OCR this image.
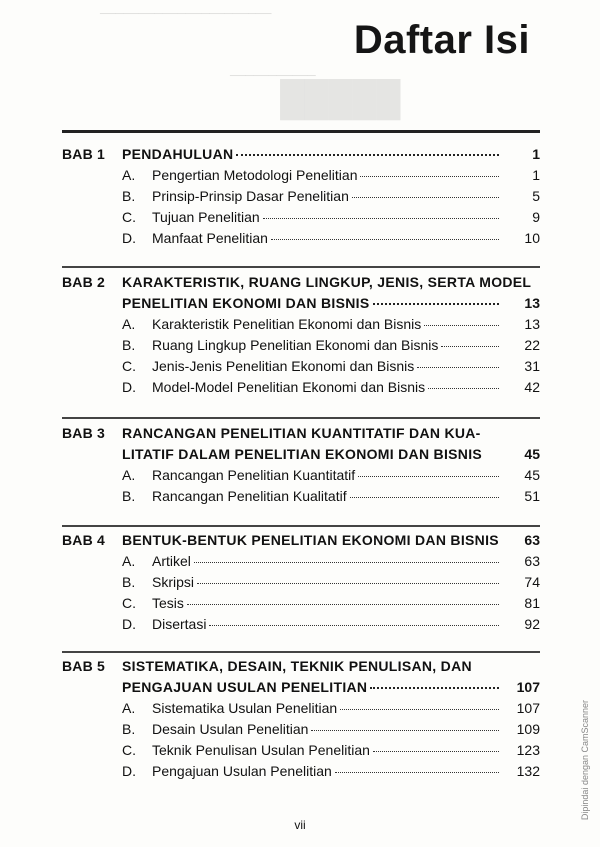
█████
──────────────────────
───────────
Daftar Isi
BAB 1	PENDAHULUAN	1
A.	Pengertian Metodologi Penelitian	1
B.	Prinsip-Prinsip Dasar Penelitian	5
C.	Tujuan Penelitian	9
D.	Manfaat Penelitian	10
BAB 2	KARAKTERISTIK, RUANG LINGKUP, JENIS, SERTA MODEL
PENELITIAN EKONOMI DAN BISNIS	13
A.	Karakteristik Penelitian Ekonomi dan Bisnis	13
B.	Ruang Lingkup Penelitian Ekonomi dan Bisnis	22
C.	Jenis-Jenis Penelitian Ekonomi dan Bisnis	31
D.	Model-Model Penelitian Ekonomi dan Bisnis	42
BAB 3	RANCANGAN PENELITIAN KUANTITATIF DAN KUA-
LITATIF DALAM PENELITIAN EKONOMI DAN BISNIS	45
A.	Rancangan Penelitian Kuantitatif	45
B.	Rancangan Penelitian Kualitatif	51
BAB 4	BENTUK-BENTUK PENELITIAN EKONOMI DAN BISNIS	63
A.	Artikel	63
B.	Skripsi	74
C.	Tesis	81
D.	Disertasi	92
BAB 5	SISTEMATIKA, DESAIN, TEKNIK PENULISAN, DAN
PENGAJUAN USULAN PENELITIAN	107
A.	Sistematika Usulan Penelitian	107
B.	Desain Usulan Penelitian	109
C.	Teknik Penulisan Usulan Penelitian	123
D.	Pengajuan Usulan Penelitian	132
vii
Dipindai dengan CamScanner
